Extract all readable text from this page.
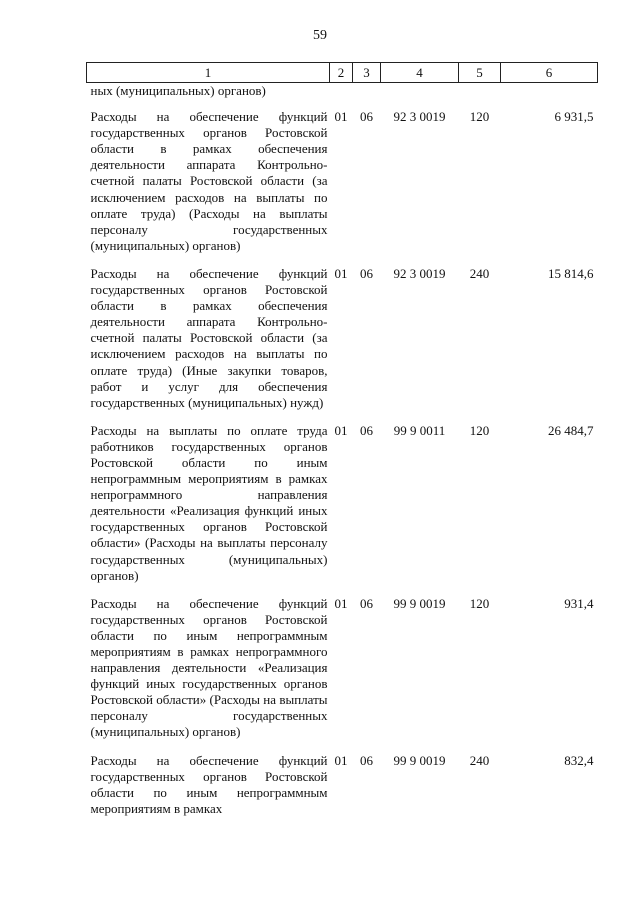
59
1	2	3	4	5	6
ных (муниципальных) органов)					
Расходы на обеспечение функций государственных органов Ростовской области в рамках обеспечения деятельности аппарата Контрольно-счетной палаты Ростовской области (за исключением расходов на выплаты по оплате труда) (Расходы на выплаты персоналу государственных (муниципальных) органов)	01	06	92 3 0019	120	6 931,5
Расходы на обеспечение функций государственных органов Ростовской области в рамках обеспечения деятельности аппарата Контрольно-счетной палаты Ростовской области (за исключением расходов на выплаты по оплате труда) (Иные закупки товаров, работ и услуг для обеспечения государственных (муниципальных) нужд)	01	06	92 3 0019	240	15 814,6
Расходы на выплаты по оплате труда работников государственных органов Ростовской области по иным непрограммным мероприятиям в рамках непрограммного направления деятельности «Реализация функций иных государственных органов Ростовской области» (Расходы на выплаты персоналу государственных (муниципальных) органов)	01	06	99 9 0011	120	26 484,7
Расходы на обеспечение функций государственных органов Ростовской области по иным непрограммным мероприятиям в рамках непрограммного направления деятельности «Реализация функций иных государственных органов Ростовской области» (Расходы на выплаты персоналу государственных (муниципальных) органов)	01	06	99 9 0019	120	931,4
Расходы на обеспечение функций государственных органов Ростовской области по иным непрограммным мероприятиям в рамках	01	06	99 9 0019	240	832,4
